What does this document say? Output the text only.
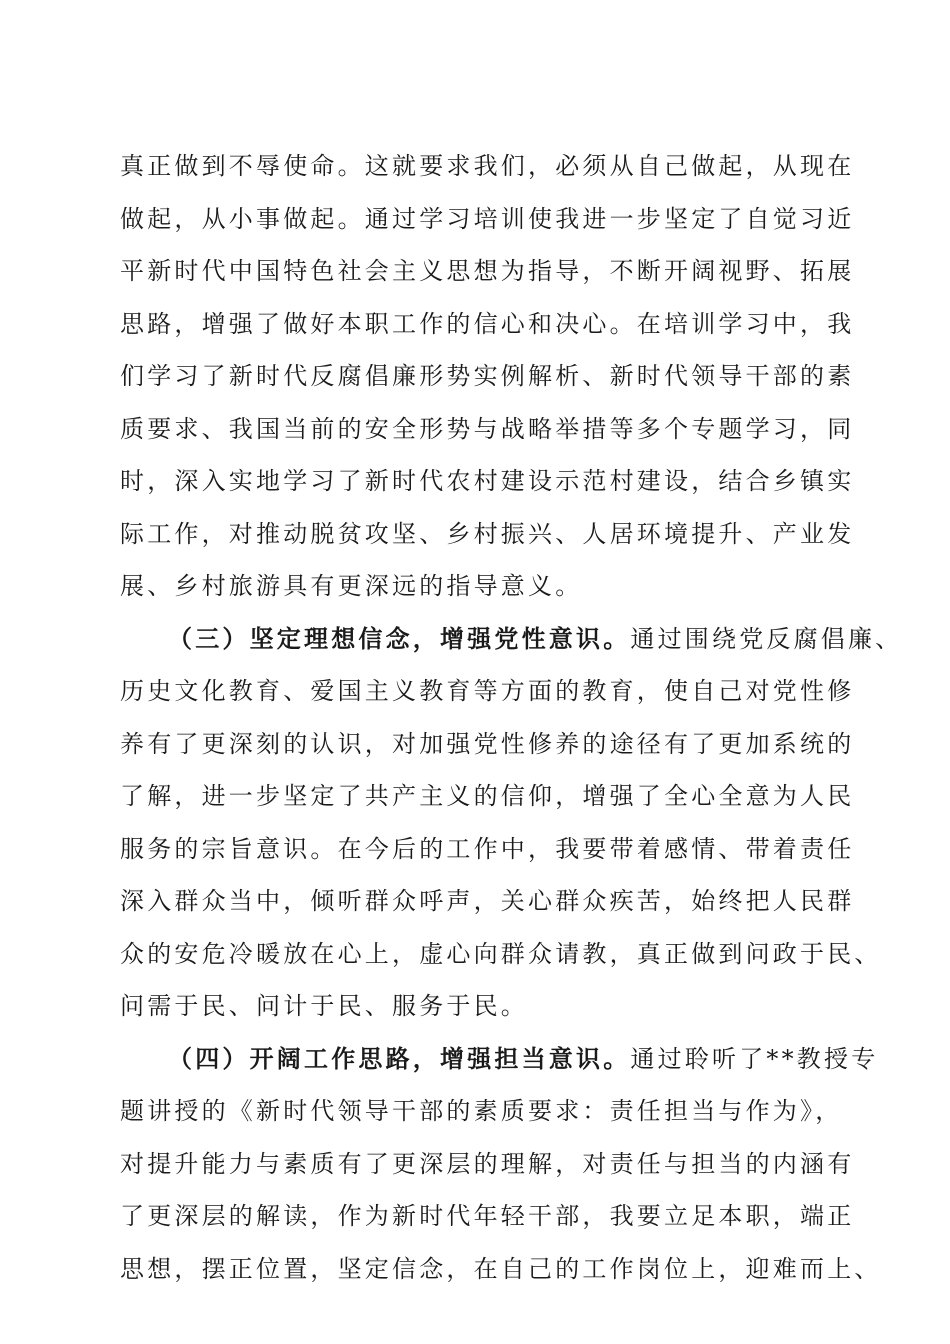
真正做到不辱使命。这就要求我们，必须从自己做起，从现在
做起，从小事做起。通过学习培训使我进一步坚定了自觉习近
平新时代中国特色社会主义思想为指导，不断开阔视野、拓展
思路，增强了做好本职工作的信心和决心。在培训学习中，我
们学习了新时代反腐倡廉形势实例解析、新时代领导干部的素
质要求、我国当前的安全形势与战略举措等多个专题学习，同
时，深入实地学习了新时代农村建设示范村建设，结合乡镇实
际工作，对推动脱贫攻坚、乡村振兴、人居环境提升、产业发
展、乡村旅游具有更深远的指导意义。
（三）坚定理想信念，增强党性意识。通过围绕党反腐倡廉、
历史文化教育、爱国主义教育等方面的教育，使自己对党性修
养有了更深刻的认识，对加强党性修养的途径有了更加系统的
了解，进一步坚定了共产主义的信仰，增强了全心全意为人民
服务的宗旨意识。在今后的工作中，我要带着感情、带着责任
深入群众当中，倾听群众呼声，关心群众疾苦，始终把人民群
众的安危冷暖放在心上，虚心向群众请教，真正做到问政于民、
问需于民、问计于民、服务于民。
（四）开阔工作思路，增强担当意识。通过聆听了**教授专
题讲授的《新时代领导干部的素质要求：责任担当与作为》，
对提升能力与素质有了更深层的理解，对责任与担当的内涵有
了更深层的解读，作为新时代年轻干部，我要立足本职，端正
思想，摆正位置，坚定信念，在自己的工作岗位上，迎难而上、
